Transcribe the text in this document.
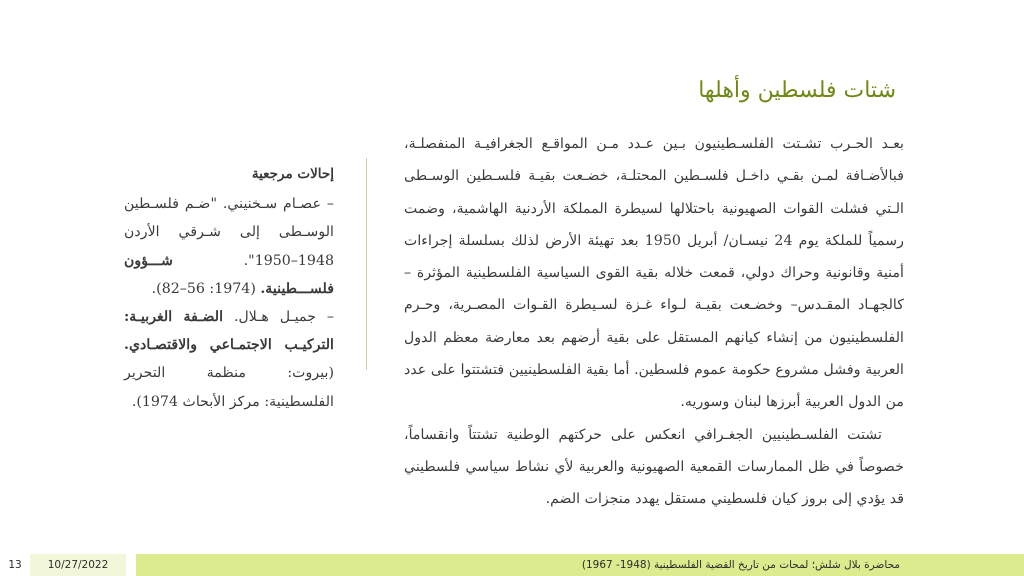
شتات فلسطين وأهلها

بعـد الحـرب تشـتت الفلسـطينيون بـين عـدد مـن المواقـع الجغرافيـة المنفصلـة، فبالأضـافة لمـن بقـي داخـل فلسـطين المحتلـة، خضـعت بقيـة فلسـطين الوسـطى الـتي فشلت القوات الصهيونية باحتلالها لسيطرة المملكة الأردنية الهاشمية، وضمت رسمياً للملكة يوم 24 نيسـان/ أبريل 1950 بعد تهيئة الأرض لذلك بسلسلة إجراءات أمنية وقانونية وحراك دولي، قمعت خلاله بقية القوى السياسية الفلسطينية المؤثرة – كالجهـاد المقـدس– وخضـعت بقيـة لـواء غـزة لسـيطرة القـوات المصـرية، وحـرم الفلسطينيون من إنشاء كيانهم المستقل على بقية أرضهم بعد معارضة معظم الدول العربية وفشل مشروع حكومة عموم فلسطين. أما بقية الفلسطينيين فتشتتوا على عدد من الدول العربية أبرزها لبنان وسوريه.

تشتت الفلسـطينيين الجغـرافي انعكس على حركتهم الوطنية تشتتاً وانقساماً، خصوصاً في ظل الممارسات القمعية الصهيونية والعربية لأي نشاط سياسي فلسطيني قد يؤدي إلى بروز كيان فلسطيني مستقل يهدد منجزات الضم.

إحالات مرجعية

– عصـام سـخنيني. "ضـم فلسـطين الوسـطى إلى شـرقي الأردن 1948–1950". شـــؤون فلســـطينية. (1974: 56–82).

– جميـل هـلال. الضـفة الغربيـة: التركيـب الاجتمـاعي والاقتصـادي. (بيروت: منظمة التحرير الفلسطينية: مركز الأبحاث 1974).

13	10/27/2022	محاضرة بلال شلش؛ لمحات من تاريخ القضية الفلسطينية (1948- 1967)
